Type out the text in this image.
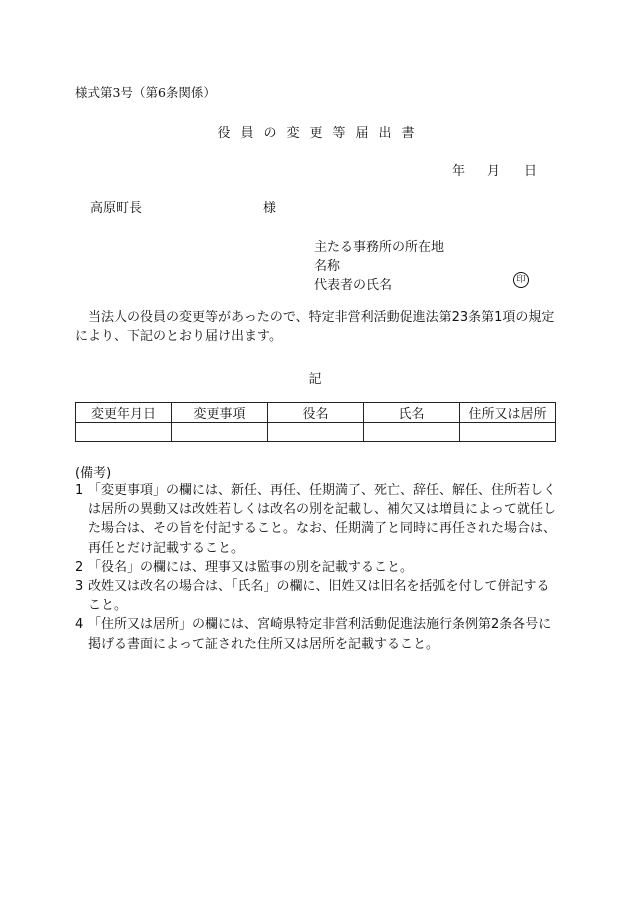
様式第3号（第6条関係）
役員の変更等届出書
年 月 日
高原町長	様
主たる事務所の所在地
名称
代表者の氏名	印
当法人の役員の変更等があったので、特定非営利活動促進法第23条第1項の規定により、下記のとおり届け出ます。
記
変更年月日	変更事項	役名	氏名	住所又は居所

(備考)
1 「変更事項」の欄には、新任、再任、任期満了、死亡、辞任、解任、住所若しくは居所の異動又は改姓若しくは改名の別を記載し、補欠又は増員によって就任した場合は、その旨を付記すること。なお、任期満了と同時に再任された場合は、再任とだけ記載すること。
2 「役名」の欄には、理事又は監事の別を記載すること。
3 改姓又は改名の場合は、「氏名」の欄に、旧姓又は旧名を括弧を付して併記すること。
4 「住所又は居所」の欄には、宮崎県特定非営利活動促進法施行条例第2条各号に掲げる書面によって証された住所又は居所を記載すること。
